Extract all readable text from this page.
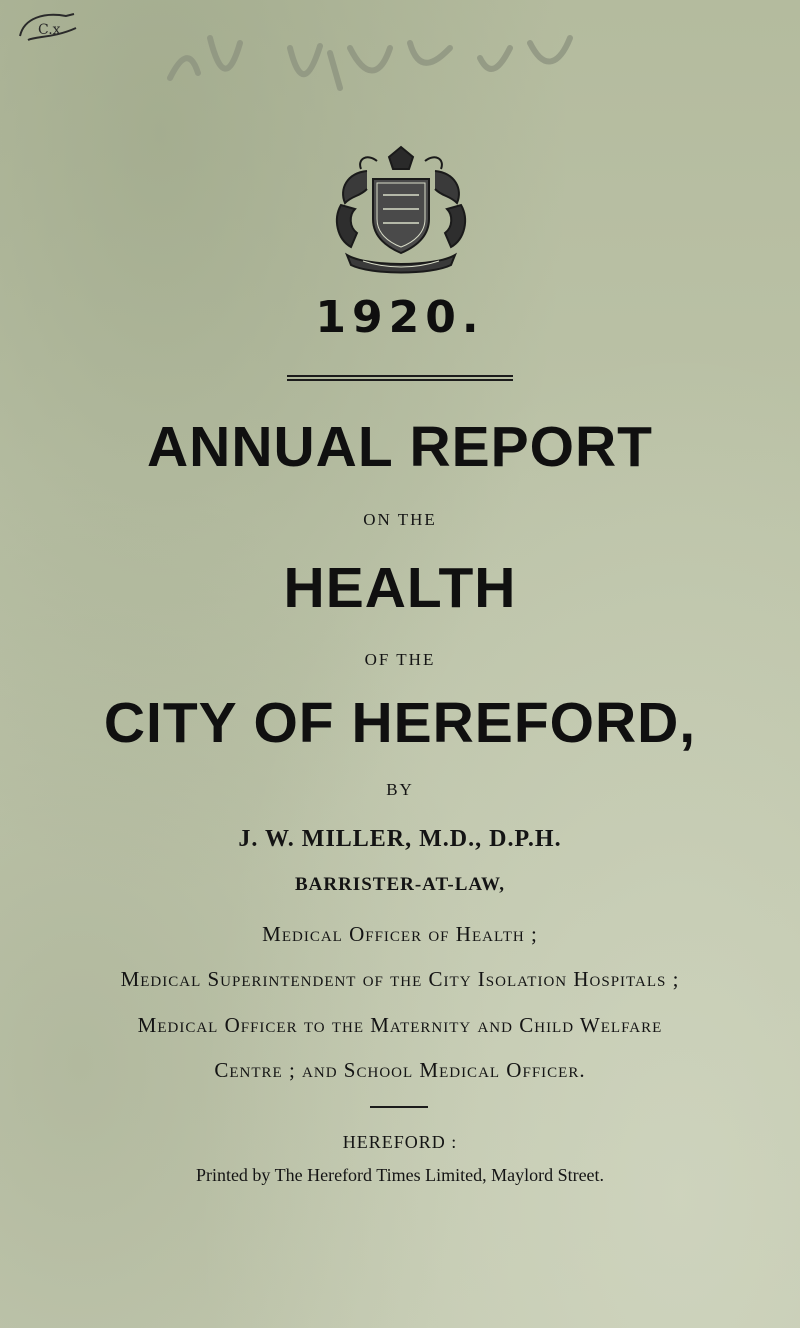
C.x
1920.
ANNUAL REPORT
ON THE
HEALTH
OF THE
CITY OF HEREFORD,
BY
J. W. MILLER, M.D., D.P.H.
BARRISTER-AT-LAW,
Medical Officer of Health ;
Medical Superintendent of the City Isolation Hospitals ;
Medical Officer to the Maternity and Child Welfare
Centre ; and School Medical Officer.
HEREFORD :
Printed by The Hereford Times Limited, Maylord Street.
